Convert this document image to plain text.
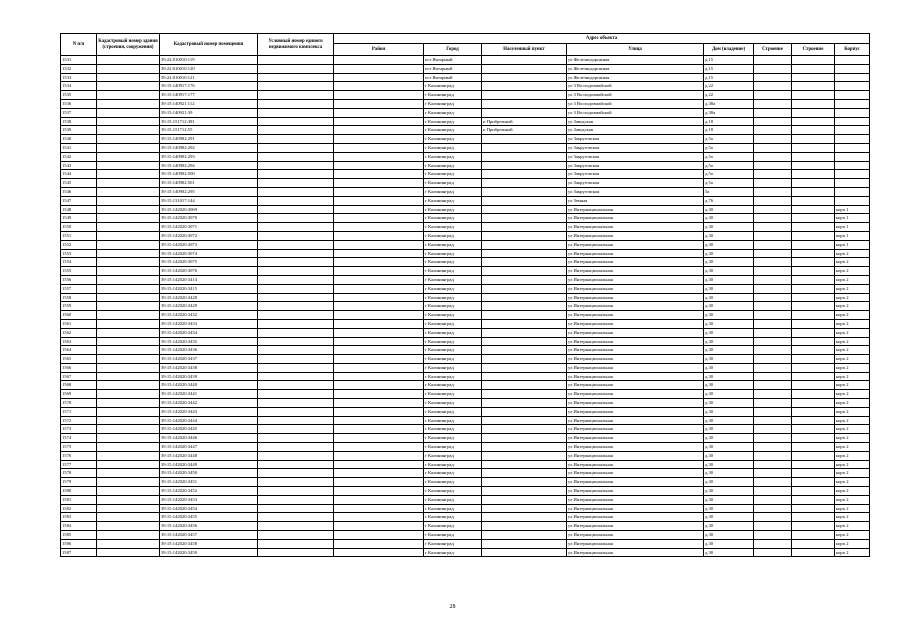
N п/п	Кадастровый номер здания (строения, сооружения)	Кадастровый номер помещения	Условный номер единого недвижимого комплекса	Адрес объекта							
				Район	Город	Населенный пункт	Улица	Дом (владение)	Строение	Строение	Корпус
1531		39:22:010010:119			пгт Янтарный		ул Железнодорожная	д.15			
1532		39:22:010010:120			пгт Янтарный		ул Железнодорожная	д.15			
1533		39:22:010010:121			пгт Янтарный		ул Железнодорожная	д.15			
1534		39:15:140917:176			г Калининград		ул 3 Восходовмайской	д.22			
1535		39:15:140917:177			г Калининград		ул 3 Восходовмайской	д.22			
1536		39:15:140921:112			г Калининград		ул 3 Восходовмайской	д.38а			
1537		39:15:140921:39			г Калининград		ул 3 Восходовмайской	д.38а			
1538		39:15:151712:381			г Калининград	п Прибрежный	ул Заводская	д.18			
1539		39:15:151712:55			г Калининград	п Прибрежный	ул Заводская	д.18			
1540		39:15:140902:291			г Калининград		ул Закруговская	д.5а			
1541		39:15:140902:292			г Калининград		ул Закруговская	д.5а			
1542		39:15:140902:293			г Калининград		ул Закруговская	д.5а			
1543		39:15:140902:294			г Калининград		ул Закруговская	д.5а			
1544		39:15:140902:500			г Калининград		ул Закруговская	д.5а			
1545		39:15:140902:501			г Калининград		ул Закруговская	д.5а			
1546		39:15:140902:295			г Калининград		ул Закруговская	5а			
1547		39:15:131017:144			г Калининград		ул Земная	д.76			
1548		39:15:142020:3069			г Калининград		ул Интернациональная	д.30			корп 1
1549		39:15:142020:3070			г Калининград		ул Интернациональная	д.30			корп 1
1550		39:15:142020:3071			г Калининград		ул Интернациональная	д.30			корп 1
1551		39:15:142020:3072			г Калининград		ул Интернациональная	д.30			корп 1
1552		39:15:142020:3073			г Калининград		ул Интернациональная	д.30			корп 1
1553		39:15:142020:3074			г Калининград		ул Интернациональная	д.30			корп 2
1554		39:15:142020:3075			г Калининград		ул Интернациональная	д.30			корп 2
1555		39:15:142020:3076			г Калининград		ул Интернациональная	д.30			корп 2
1556		39:15:142020:3414			г Калининград		ул Интернациональная	д.30			корп 2
1557		39:15:142020:3415			г Калининград		ул Интернациональная	д.30			корп 2
1558		39:15:142020:3428			г Калининград		ул Интернациональная	д.30			корп 2
1559		39:15:142020:3429			г Калининград		ул Интернациональная	д.30			корп 2
1560		39:15:142020:3432			г Калининград		ул Интернациональная	д.30			корп 2
1561		39:15:142020:3433			г Калининград		ул Интернациональная	д.30			корп 2
1562		39:15:142020:3434			г Калининград		ул Интернациональная	д.30			корп 2
1563		39:15:142020:3435			г Калининград		ул Интернациональная	д.30			корп 2
1564		39:15:142020:3436			г Калининград		ул Интернациональная	д.30			корп 2
1565		39:15:142020:3437			г Калининград		ул Интернациональная	д.30			корп 2
1566		39:15:142020:3438			г Калининград		ул Интернациональная	д.30			корп 2
1567		39:15:142020:3439			г Калининград		ул Интернациональная	д.30			корп 2
1568		39:15:142020:3440			г Калининград		ул Интернациональная	д.30			корп 2
1569		39:15:142020:3441			г Калининград		ул Интернациональная	д.30			корп 2
1570		39:15:142020:3442			г Калининград		ул Интернациональная	д.30			корп 2
1571		39:15:142020:3443			г Калининград		ул Интернациональная	д.30			корп 2
1572		39:15:142020:3444			г Калининград		ул Интернациональная	д.30			корп 2
1573		39:15:142020:3445			г Калининград		ул Интернациональная	д.30			корп 2
1574		39:15:142020:3446			г Калининград		ул Интернациональная	д.30			корп 2
1575		39:15:142020:3447			г Калининград		ул Интернациональная	д.30			корп 2
1576		39:15:142020:3448			г Калининград		ул Интернациональная	д.30			корп 2
1577		39:15:142020:3449			г Калининград		ул Интернациональная	д.30			корп 2
1578		39:15:142020:3450			г Калининград		ул Интернациональная	д.30			корп 2
1579		39:15:142020:3451			г Калининград		ул Интернациональная	д.30			корп 2
1580		39:15:142020:3452			г Калининград		ул Интернациональная	д.30			корп 2
1581		39:15:142020:3453			г Калининград		ул Интернациональная	д.30			корп 2
1582		39:15:142020:3454			г Калининград		ул Интернациональная	д.30			корп 2
1583		39:15:142020:3455			г Калининград		ул Интернациональная	д.30			корп 2
1584		39:15:142020:3456			г Калининград		ул Интернациональная	д.30			корп 2
1585		39:15:142020:3457			г Калининград		ул Интернациональная	д.30			корп 2
1586		39:15:142020:3458			г Калининград		ул Интернациональная	д.30			корп 2
1587		39:15:142020:3459			г Калининград		ул Интернациональная	д.30			корп 2
28
